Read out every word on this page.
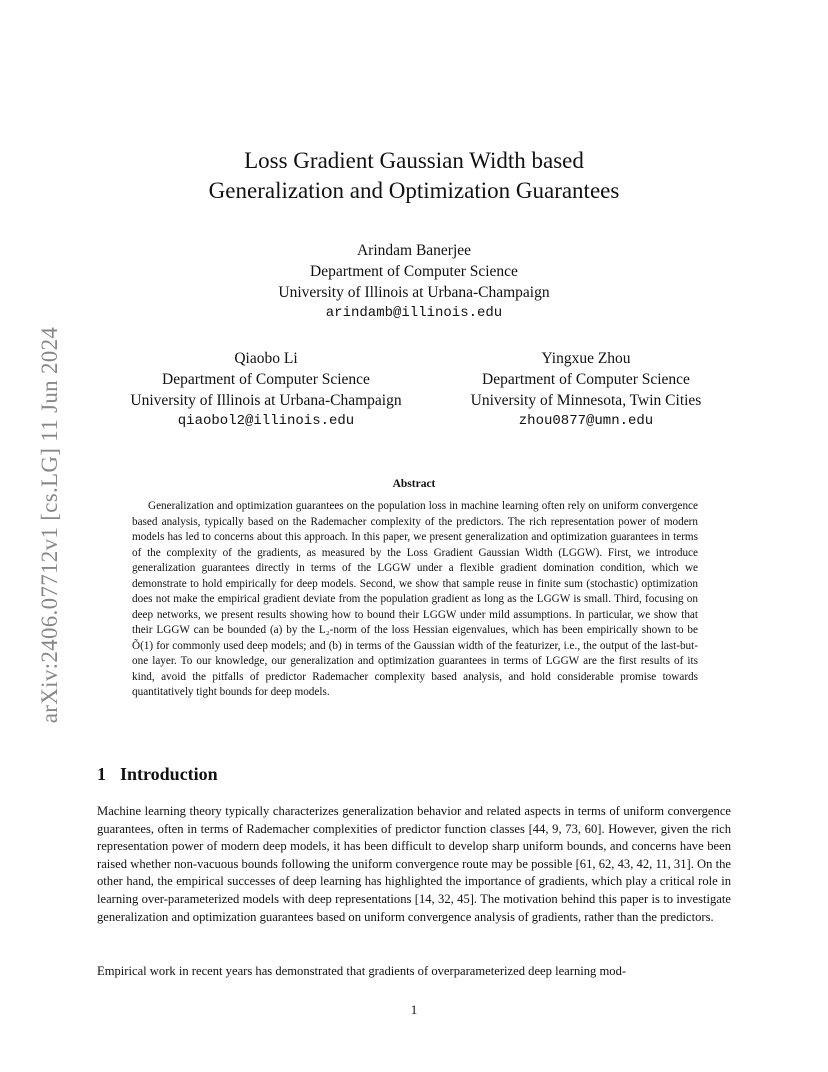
arXiv:2406.07712v1 [cs.LG] 11 Jun 2024
Loss Gradient Gaussian Width based
Generalization and Optimization Guarantees
Arindam Banerjee
Department of Computer Science
University of Illinois at Urbana-Champaign
arindamb@illinois.edu
Qiaobo Li
Department of Computer Science
University of Illinois at Urbana-Champaign
qiaobol2@illinois.edu
Yingxue Zhou
Department of Computer Science
University of Minnesota, Twin Cities
zhou0877@umn.edu
Abstract
Generalization and optimization guarantees on the population loss in machine learning often rely on uniform convergence based analysis, typically based on the Rademacher complexity of the predictors. The rich representation power of modern models has led to concerns about this approach. In this paper, we present generalization and optimization guarantees in terms of the complexity of the gradients, as measured by the Loss Gradient Gaussian Width (LGGW). First, we introduce generalization guarantees directly in terms of the LGGW under a flexible gradient domination condition, which we demonstrate to hold empirically for deep models. Second, we show that sample reuse in finite sum (stochastic) optimization does not make the empirical gradient deviate from the population gradient as long as the LGGW is small. Third, focusing on deep networks, we present results showing how to bound their LGGW under mild assumptions. In particular, we show that their LGGW can be bounded (a) by the L₂-norm of the loss Hessian eigenvalues, which has been empirically shown to be Õ(1) for commonly used deep models; and (b) in terms of the Gaussian width of the featurizer, i.e., the output of the last-but-one layer. To our knowledge, our generalization and optimization guarantees in terms of LGGW are the first results of its kind, avoid the pitfalls of predictor Rademacher complexity based analysis, and hold considerable promise towards quantitatively tight bounds for deep models.
1 Introduction
Machine learning theory typically characterizes generalization behavior and related aspects in terms of uniform convergence guarantees, often in terms of Rademacher complexities of predictor function classes [44, 9, 73, 60]. However, given the rich representation power of modern deep models, it has been difficult to develop sharp uniform bounds, and concerns have been raised whether non-vacuous bounds following the uniform convergence route may be possible [61, 62, 43, 42, 11, 31]. On the other hand, the empirical successes of deep learning has highlighted the importance of gradients, which play a critical role in learning over-parameterized models with deep representations [14, 32, 45]. The motivation behind this paper is to investigate generalization and optimization guarantees based on uniform convergence analysis of gradients, rather than the predictors.
Empirical work in recent years has demonstrated that gradients of overparameterized deep learning mod-
1
